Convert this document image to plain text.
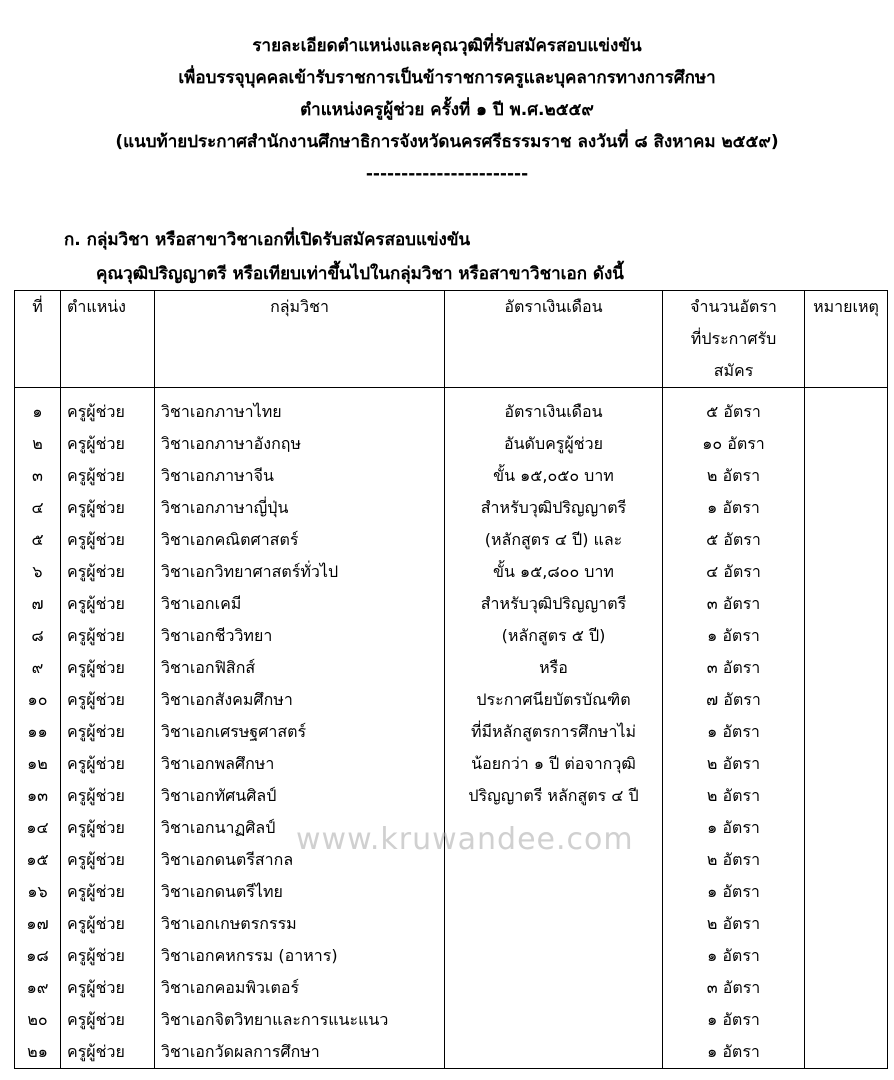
รายละเอียดตำแหน่งและคุณวุฒิที่รับสมัครสอบแข่งขัน
เพื่อบรรจุบุคคลเข้ารับราชการเป็นข้าราชการครูและบุคลากรทางการศึกษา
ตำแหน่งครูผู้ช่วย ครั้งที่ ๑ ปี พ.ศ.๒๕๕๙
(แนบท้ายประกาศสำนักงานศึกษาธิการจังหวัดนครศรีธรรมราช ลงวันที่ ๘ สิงหาคม ๒๕๕๙)
-----------------------
ก. กลุ่มวิชา หรือสาขาวิชาเอกที่เปิดรับสมัครสอบแข่งขัน
คุณวุฒิปริญญาตรี หรือเทียบเท่าขึ้นไปในกลุ่มวิชา หรือสาขาวิชาเอก ดังนี้
ที่	ตำแหน่ง	กลุ่มวิชา	อัตราเงินเดือน	จำนวนอัตรา
ที่ประกาศรับ
สมัคร	หมายเหตุ
๑	ครูผู้ช่วย	วิชาเอกภาษาไทย	อัตราเงินเดือน	๕ อัตรา	
๒	ครูผู้ช่วย	วิชาเอกภาษาอังกฤษ	อันดับครูผู้ช่วย	๑๐ อัตรา	
๓	ครูผู้ช่วย	วิชาเอกภาษาจีน	ขั้น ๑๕,๐๕๐ บาท	๒ อัตรา	
๔	ครูผู้ช่วย	วิชาเอกภาษาญี่ปุ่น	สำหรับวุฒิปริญญาตรี	๑ อัตรา	
๕	ครูผู้ช่วย	วิชาเอกคณิตศาสตร์	(หลักสูตร ๔ ปี) และ	๕ อัตรา	
๖	ครูผู้ช่วย	วิชาเอกวิทยาศาสตร์ทั่วไป	ขั้น ๑๕,๘๐๐ บาท	๔ อัตรา	
๗	ครูผู้ช่วย	วิชาเอกเคมี	สำหรับวุฒิปริญญาตรี	๓ อัตรา	
๘	ครูผู้ช่วย	วิชาเอกชีววิทยา	(หลักสูตร ๕ ปี)	๑ อัตรา	
๙	ครูผู้ช่วย	วิชาเอกฟิสิกส์	หรือ	๓ อัตรา	
๑๐	ครูผู้ช่วย	วิชาเอกสังคมศึกษา	ประกาศนียบัตรบัณฑิต	๗ อัตรา	
๑๑	ครูผู้ช่วย	วิชาเอกเศรษฐศาสตร์	ที่มีหลักสูตรการศึกษาไม่	๑ อัตรา	
๑๒	ครูผู้ช่วย	วิชาเอกพลศึกษา	น้อยกว่า ๑ ปี ต่อจากวุฒิ	๒ อัตรา	
๑๓	ครูผู้ช่วย	วิชาเอกทัศนศิลป์	ปริญญาตรี หลักสูตร ๔ ปี	๒ อัตรา	
๑๔	ครูผู้ช่วย	วิชาเอกนาฏศิลป์		๑ อัตรา	
๑๕	ครูผู้ช่วย	วิชาเอกดนตรีสากล		๒ อัตรา	
๑๖	ครูผู้ช่วย	วิชาเอกดนตรีไทย		๑ อัตรา	
๑๗	ครูผู้ช่วย	วิชาเอกเกษตรกรรม		๒ อัตรา	
๑๘	ครูผู้ช่วย	วิชาเอกคหกรรม (อาหาร)		๑ อัตรา	
๑๙	ครูผู้ช่วย	วิชาเอกคอมพิวเตอร์		๓ อัตรา	
๒๐	ครูผู้ช่วย	วิชาเอกจิตวิทยาและการแนะแนว		๑ อัตรา	
๒๑	ครูผู้ช่วย	วิชาเอกวัดผลการศึกษา		๑ อัตรา	
www.kruwandee.com
